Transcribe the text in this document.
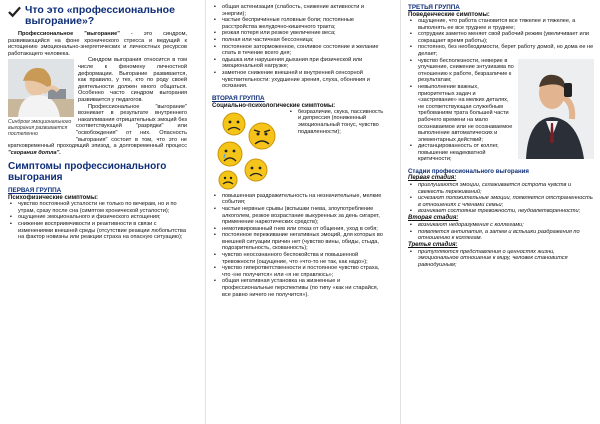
Что это «профессиональное выгорание»?

Профессиональное "выгорание" - это синдром, развивающийся на фоне хронического стресса и ведущий к истощению эмоционально-энергетических и личностных ресурсов работающего человека.

Синдром выгорания относится в том числе к феномену личностной деформации. Выгорание развивается, как правило, у тех, кто по роду своей деятельности должен много общаться. Особенно часто синдром выгорания развивается у педагогов.

Синдром эмоционального выгорания развивается постепенно

Профессиональное "выгорание" возникает в результате внутреннего накапливания отрицательных эмоций без соответствующей "разрядки" или "освобождения" от них. Опасность "выгорания" состоит в том, что это не кратковременный проходящий эпизод, а долговременный процесс "сгорания дотла".

Симптомы профессионального выгорания
ПЕРВАЯ ГРУППА
Психофизические симптомы:
▪ чувство постоянной усталости не только по вечерам, но и по утрам, сразу после сна (симптом хронической усталости);
▪ ощущение эмоционального и физического истощения;
▪ снижение восприимчивости и реактивности в связи с изменениями внешней среды (отсутствие реакции любопытства на фактор новизны или реакции страха на опасную ситуацию);
▪ общая астенизация (слабость, снижение активности и энергии);
▪ частые беспричинные головные боли; постоянные расстройства желудочно-кишечного тракта;
▪ резкая потеря или резкое увеличение веса;
▪ полная или частичная бессонница;
▪ постоянное заторможенное, сонливое состояние и желание спать в течение всего дня;
▪ одышка или нарушения дыхания при физической или эмоциональной нагрузке;
▪ заметное снижение внешней и внутренней сенсорной чувствительности: ухудшение зрения, слуха, обоняния и осязания.
ВТОРАЯ ГРУППА
Социально-психологические симптомы:
▪ безразличие, скука, пассивность и депрессия (пониженный эмоциональный тонус, чувство подавленности);
▪ повышенная раздражительность на незначительные, мелкие события;
▪ частые нервные срывы (вспышки гнева, злоупотребление алкоголем, резкое возрастание выкуренных за день сигарет, применение наркотических средств);
▪ немотивированный гнев или отказ от общения, уход в себя;
▪ постоянное переживание негативных эмоций, для которых во внешней ситуации причин нет (чувство вины, обиды, стыда, подозрительность, скованность);
▪ чувство неосознанного беспокойства и повышенной тревожности (ощущение, что «что-то не так, как надо»);
▪ чувство гиперответственности и постоянное чувство страха, что «не получится» или «я не справлюсь»;
▪ общая негативная установка на жизненные и профессиональные перспективы (по типу «как ни старайся, все равно ничего не получится»).
ТРЕТЬЯ ГРУППА
Поведенческие симптомы:
▪ ощущение, что работа становится все тяжелее и тяжелее, а выполнять ее все труднее и труднее;
▪ сотрудник заметно меняет свой рабочий режим (увеличивает или сокращает время работы);
▪ постоянно, без необходимости, берет работу домой, но дома ее не делает;
▪ чувство бесполезности, неверие в улучшение, снижение энтузиазма по отношению к работе, безразличие к результатам;
▪ невыполнение важных, приоритетных задач и «застревание» на мелких деталях, не соответствующая служебным требованиям трата большей части рабочего времени на мало осознаваемое или не осознаваемое выполнение автоматических и элементарных действий;
▪ дистанцированность от коллег, повышение неадекватной критичности;
Стадии профессионального выгорания
Первая стадия:
▪ приглушаются эмоции, сглаживается острота чувств и свежесть переживаний;
▪ исчезают положительные эмоции, появляется отстраненность в отношениях с членами семьи;
▪ возникает состояние тревожности, неудовлетворенности;
Вторая стадия:
▪ возникают недоразумения с коллегами;
▪ появляется антипатия, а затем и вспышки раздражения по отношению к коллегам.
Третья стадия:
▪ притупляются представления о ценностях жизни, эмоциональное отношение к миру, человек становится равнодушным;
